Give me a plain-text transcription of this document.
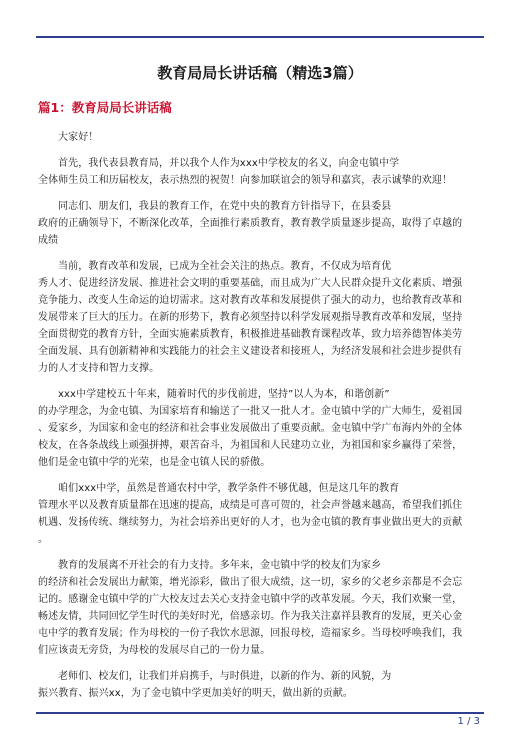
教育局局长讲话稿（精选3篇）
篇1：教育局局长讲话稿
大家好！
首先，我代表县教育局，并以我个人作为xxx中学校友的名义，向金屯镇中学
全体师生员工和历届校友，表示热烈的祝贺！向参加联谊会的领导和嘉宾，表示诚挚的欢迎！
同志们、朋友们，我县的教育工作，在党中央的教育方针指导下，在县委县
政府的正确领导下，不断深化改革，全面推行素质教育，教育教学质量逐步提高，取得了卓越的
成绩
当前，教育改革和发展，已成为全社会关注的热点。教育，不仅成为培育优
秀人才、促进经济发展、推进社会文明的重要基础，而且成为广大人民群众提升文化素质、增强
竞争能力、改变人生命运的迫切需求。这对教育改革和发展提供了强大的动力，也给教育改革和
发展带来了巨大的压力。在新的形势下，教育必须坚持以科学发展观指导教育改革和发展，坚持
全面贯彻党的教育方针，全面实施素质教育，积极推进基础教育课程改革，致力培养德智体美劳
全面发展、具有创新精神和实践能力的社会主义建设者和接班人，为经济发展和社会进步提供有
力的人才支持和智力支撑。
xxx中学建校五十年来，随着时代的步伐前进，坚持”以人为本，和谐创新”
的办学理念，为金屯镇、为国家培育和输送了一批又一批人才。金屯镇中学的广大师生，爱祖国
、爱家乡，为国家和金屯的经济和社会事业发展做出了重要贡献。金屯镇中学广布海内外的全体
校友，在各条战线上顽强拼搏，艰苦奋斗，为祖国和人民建功立业，为祖国和家乡赢得了荣誉，
他们是金屯镇中学的光荣，也是金屯镇人民的骄傲。
咱们xxx中学，虽然是普通农村中学，教学条件不够优越，但是这几年的教育
管理水平以及教育质量都在迅速的提高，成绩是可喜可贺的，社会声誉越来越高，希望我们抓住
机遇、发扬传统、继续努力，为社会培养出更好的人才，也为金屯镇的教育事业做出更大的贡献
。
教育的发展离不开社会的有力支持。多年来，金屯镇中学的校友们为家乡
的经济和社会发展出力献策，增光添彩，做出了很大成绩，这一切，家乡的父老乡亲都是不会忘
记的。感谢金屯镇中学的广大校友过去关心支持金屯镇中学的改革发展。今天，我们欢聚一堂，
畅述友情，共同回忆学生时代的美好时光，倍感亲切。作为我关注嘉祥县教育的发展，更关心金
屯中学的教育发展；作为母校的一份子我饮水思源，回报母校，造福家乡。当母校呼唤我们，我
们应该责无旁贷，为母校的发展尽自己的一份力量。
老师们、校友们，让我们并肩携手，与时俱进，以新的作为、新的风貌，为
振兴教育、振兴xx，为了金屯镇中学更加美好的明天，做出新的贡献。
1 / 3
